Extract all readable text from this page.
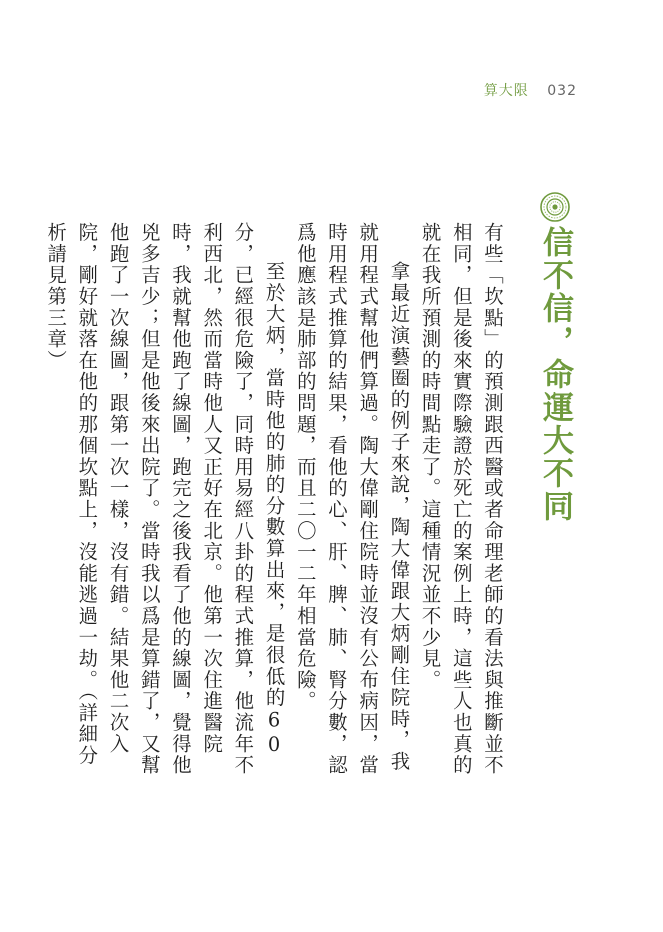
算大限 032
信不信，命運大不同

有些「坎點」的預測跟西醫或者命理老師的看法與推斷並不相同，但是後來實際驗證於死亡的案例上時，這些人也真的就在我所預測的時間點走了。這種情況並不少見。

拿最近演藝圈的例子來說，陶大偉跟大炳剛住院時，我就用程式幫他們算過。陶大偉剛住院時並沒有公布病因，當時用程式推算的結果，看他的心、肝、脾、肺、腎分數，認爲他應該是肺部的問題，而且二〇一二年相當危險。

至於大炳，當時他的肺的分數算出來，是很低的60分，已經很危險了，同時用易經八卦的程式推算，他流年不利西北，然而當時他人又正好在北京。他第一次住進醫院時，我就幫他跑了線圖，跑完之後我看了他的線圖，覺得他兇多吉少；但是他後來出院了。當時我以爲是算錯了，又幫他跑了一次線圖，跟第一次一樣，沒有錯。結果他二次入院，剛好就落在他的那個坎點上，沒能逃過一劫。（詳細分析請見第三章）
